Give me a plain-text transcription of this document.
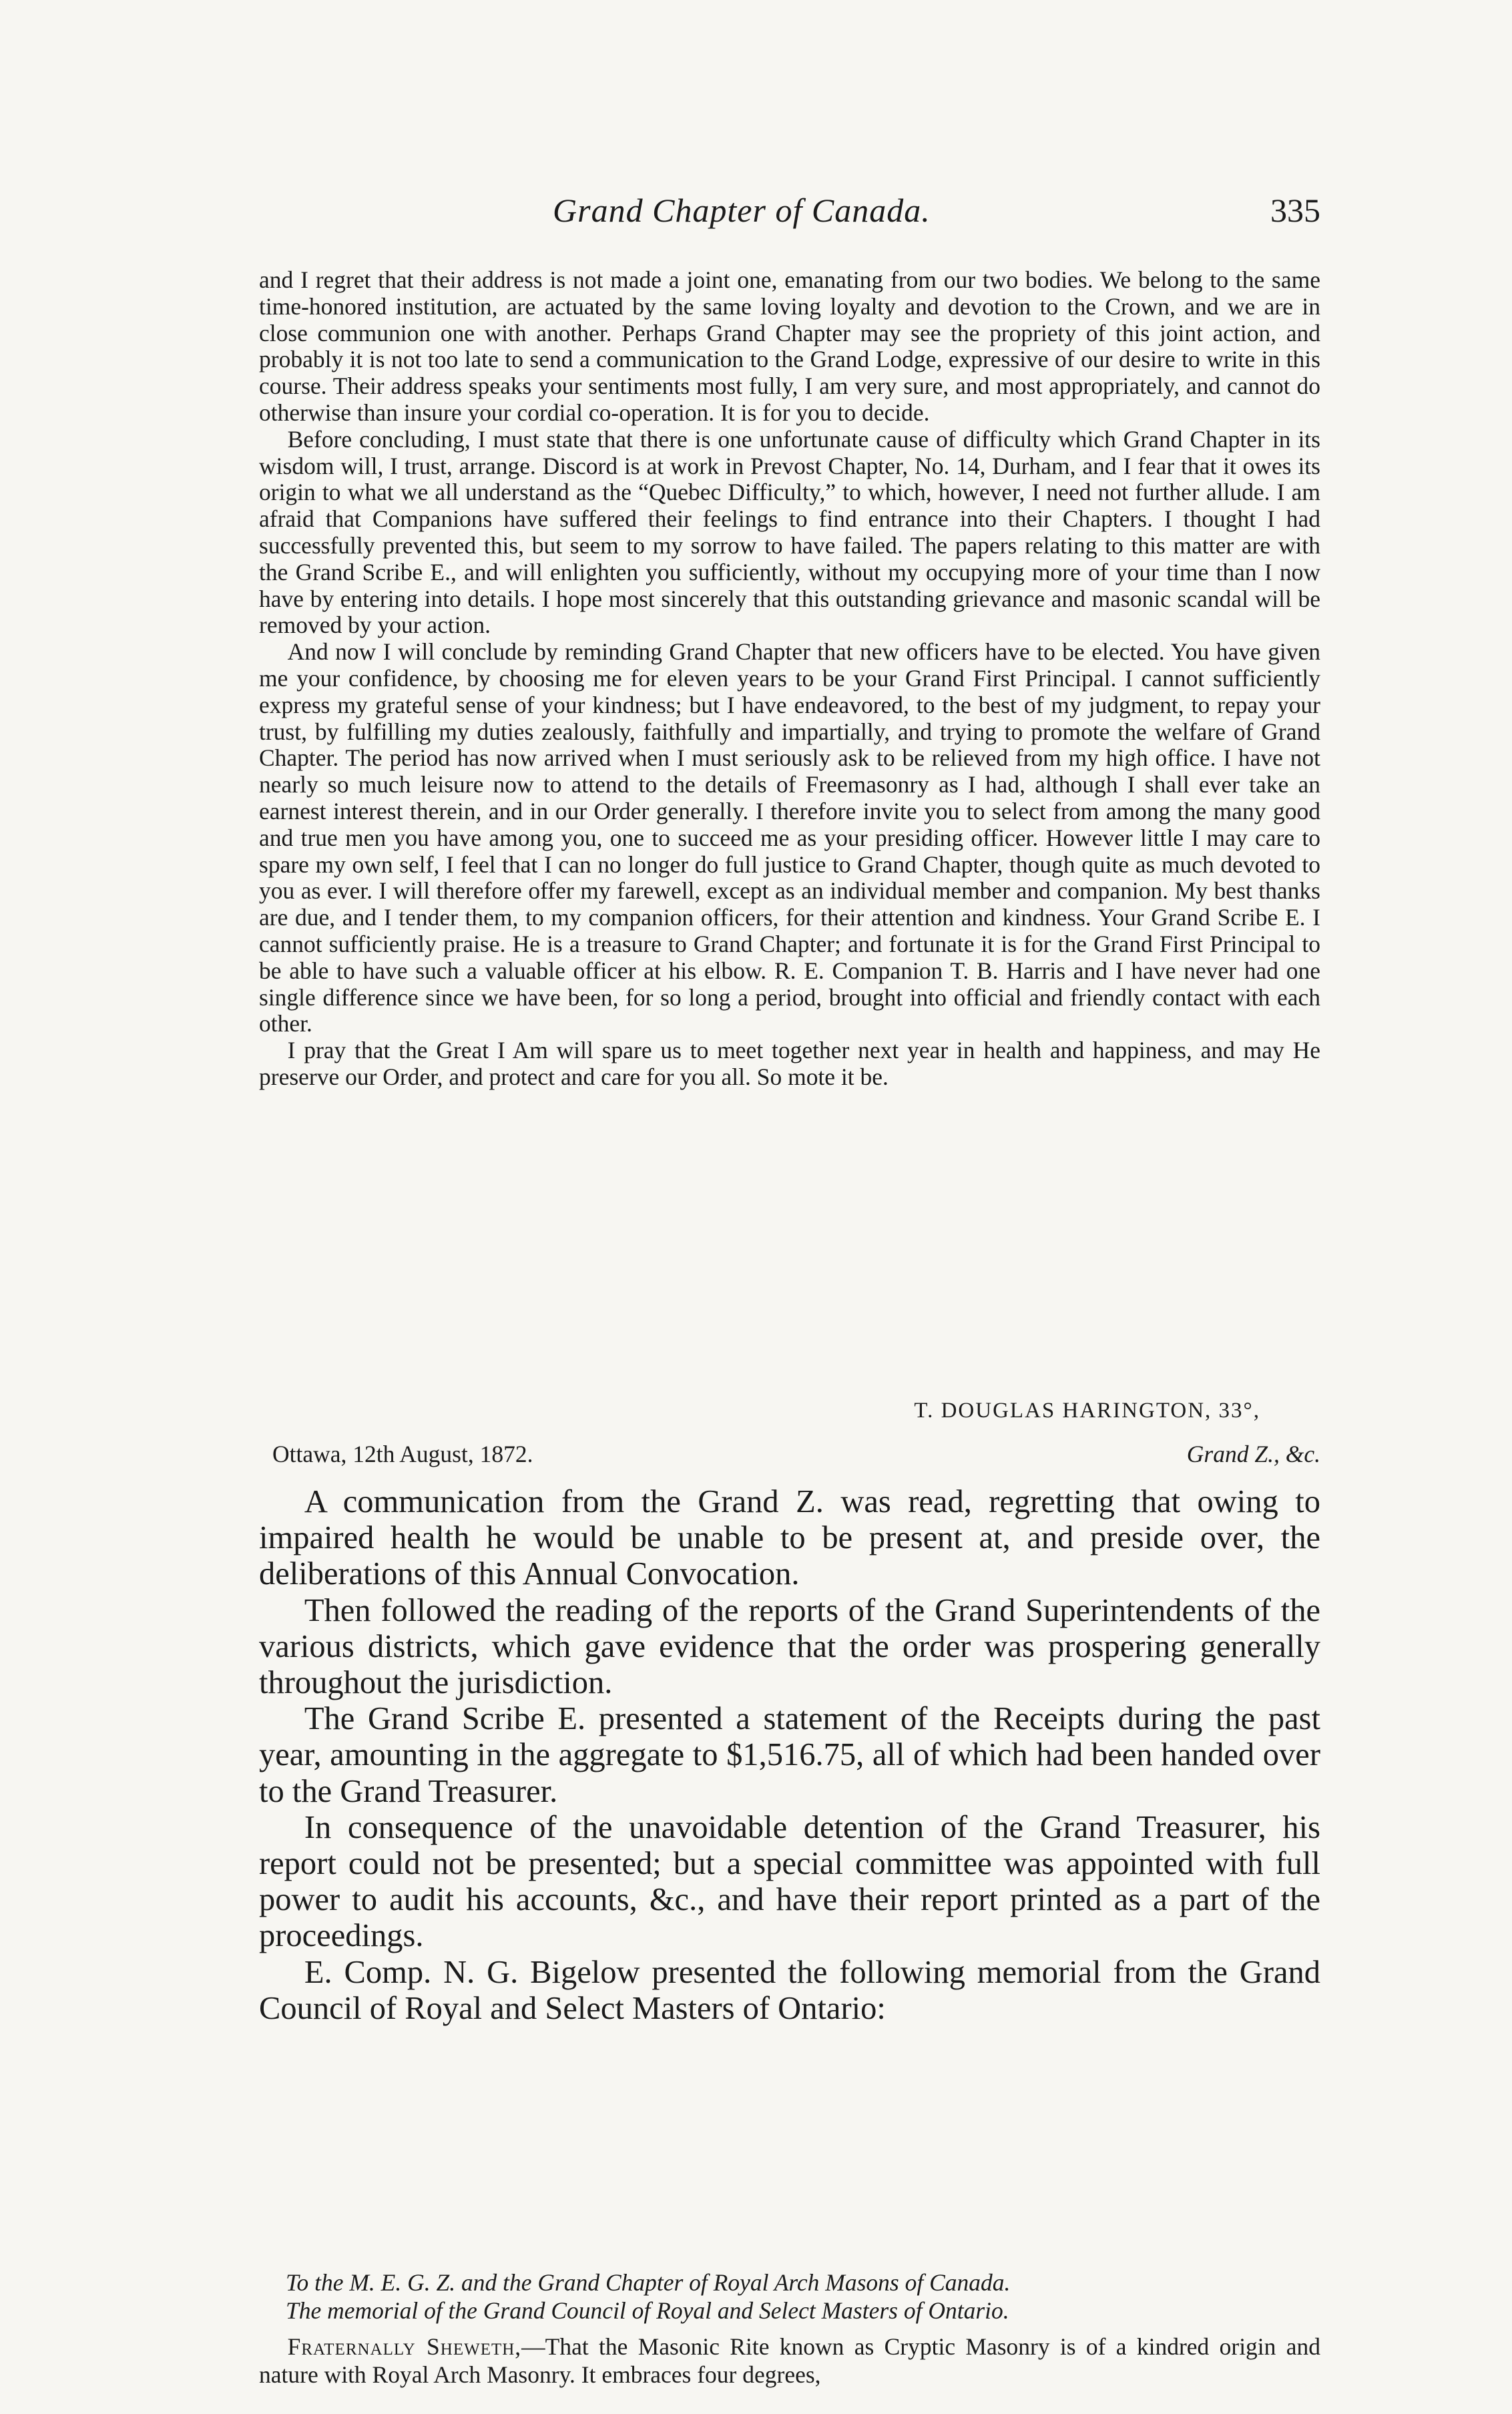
Grand Chapter of Canada.	335

and I regret that their address is not made a joint one, emanating from our two bodies. We belong to the same time-honored institution, are actuated by the same loving loyalty and devotion to the Crown, and we are in close communion one with another. Perhaps Grand Chapter may see the propriety of this joint action, and probably it is not too late to send a communication to the Grand Lodge, expressive of our desire to write in this course. Their address speaks your sentiments most fully, I am very sure, and most appropriately, and cannot do otherwise than insure your cordial co-operation. It is for you to decide.

Before concluding, I must state that there is one unfortunate cause of difficulty which Grand Chapter in its wisdom will, I trust, arrange. Discord is at work in Prevost Chapter, No. 14, Durham, and I fear that it owes its origin to what we all understand as the “Quebec Difficulty,” to which, however, I need not further allude. I am afraid that Companions have suffered their feelings to find entrance into their Chapters. I thought I had successfully prevented this, but seem to my sorrow to have failed. The papers relating to this matter are with the Grand Scribe E., and will enlighten you sufficiently, without my occupying more of your time than I now have by entering into details. I hope most sincerely that this outstanding grievance and masonic scandal will be removed by your action.

And now I will conclude by reminding Grand Chapter that new officers have to be elected. You have given me your confidence, by choosing me for eleven years to be your Grand First Principal. I cannot sufficiently express my grateful sense of your kindness; but I have endeavored, to the best of my judgment, to repay your trust, by fulfilling my duties zealously, faithfully and impartially, and trying to promote the welfare of Grand Chapter. The period has now arrived when I must seriously ask to be relieved from my high office. I have not nearly so much leisure now to attend to the details of Freemasonry as I had, although I shall ever take an earnest interest therein, and in our Order generally. I therefore invite you to select from among the many good and true men you have among you, one to succeed me as your presiding officer. However little I may care to spare my own self, I feel that I can no longer do full justice to Grand Chapter, though quite as much devoted to you as ever. I will therefore offer my farewell, except as an individual member and companion. My best thanks are due, and I tender them, to my companion officers, for their attention and kindness. Your Grand Scribe E. I cannot sufficiently praise. He is a treasure to Grand Chapter; and fortunate it is for the Grand First Principal to be able to have such a valuable officer at his elbow. R. E. Companion T. B. Harris and I have never had one single difference since we have been, for so long a period, brought into official and friendly contact with each other.

I pray that the Great I Am will spare us to meet together next year in health and happiness, and may He preserve our Order, and protect and care for you all. So mote it be.

T. DOUGLAS HARINGTON, 33°,
Ottawa, 12th August, 1872.	Grand Z., &c.

A communication from the Grand Z. was read, regretting that owing to impaired health he would be unable to be present at, and preside over, the deliberations of this Annual Convocation.

Then followed the reading of the reports of the Grand Superintendents of the various districts, which gave evidence that the order was prospering generally throughout the jurisdiction.

The Grand Scribe E. presented a statement of the Receipts during the past year, amounting in the aggregate to $1,516.75, all of which had been handed over to the Grand Treasurer.

In consequence of the unavoidable detention of the Grand Treasurer, his report could not be presented; but a special committee was appointed with full power to audit his accounts, &c., and have their report printed as a part of the proceedings.

E. Comp. N. G. Bigelow presented the following memorial from the Grand Council of Royal and Select Masters of Ontario:

To the M. E. G. Z. and the Grand Chapter of Royal Arch Masons of Canada.
The memorial of the Grand Council of Royal and Select Masters of Ontario.

Fraternally Sheweth,—That the Masonic Rite known as Cryptic Masonry is of a kindred origin and nature with Royal Arch Masonry. It embraces four degrees,
